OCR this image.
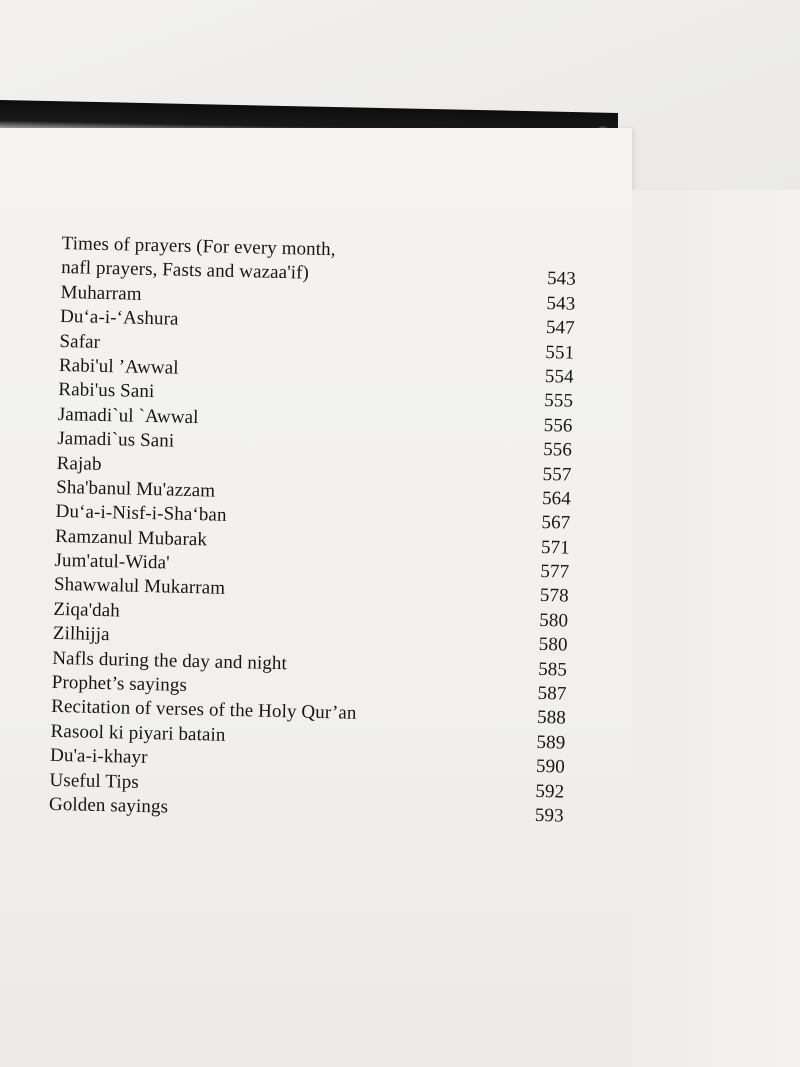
Times of prayers (For every month,
nafl prayers, Fasts and wazaa'if)	543
Muharram	543
Du‘a-i-‘Ashura	547
Safar	551
Rabi'ul ’Awwal	554
Rabi'us Sani	555
Jamadi`ul `Awwal	556
Jamadi`us Sani	556
Rajab	557
Sha'banul Mu'azzam	564
Du‘a-i-Nisf-i-Sha‘ban	567
Ramzanul Mubarak	571
Jum'atul-Wida'	577
Shawwalul Mukarram	578
Ziqa'dah	580
Zilhijja	580
Nafls during the day and night	585
Prophet’s sayings	587
Recitation of verses of the Holy Qur’an	588
Rasool ki piyari batain	589
Du'a-i-khayr	590
Useful Tips	592
Golden sayings	593
